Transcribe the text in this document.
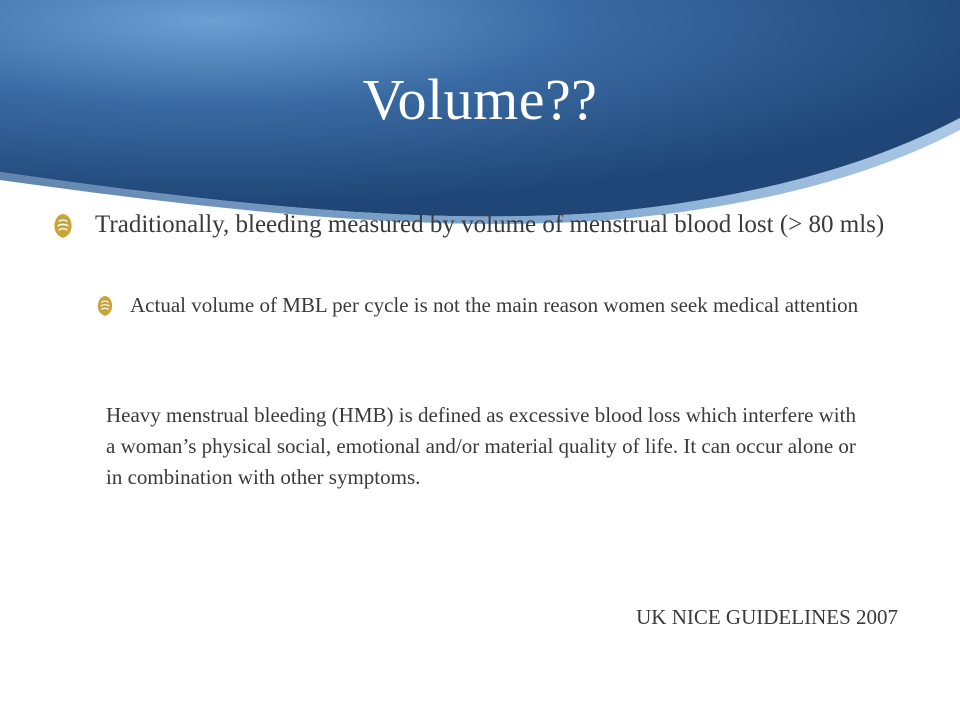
Volume??
Traditionally, bleeding measured by volume of menstrual blood lost (> 80 mls)
Actual volume of MBL per cycle is not the main reason women seek medical attention
Heavy menstrual bleeding (HMB) is defined as excessive blood loss which interfere with a woman’s physical social, emotional and/or material quality of life. It can occur alone or in combination with other symptoms.
UK NICE GUIDELINES 2007
